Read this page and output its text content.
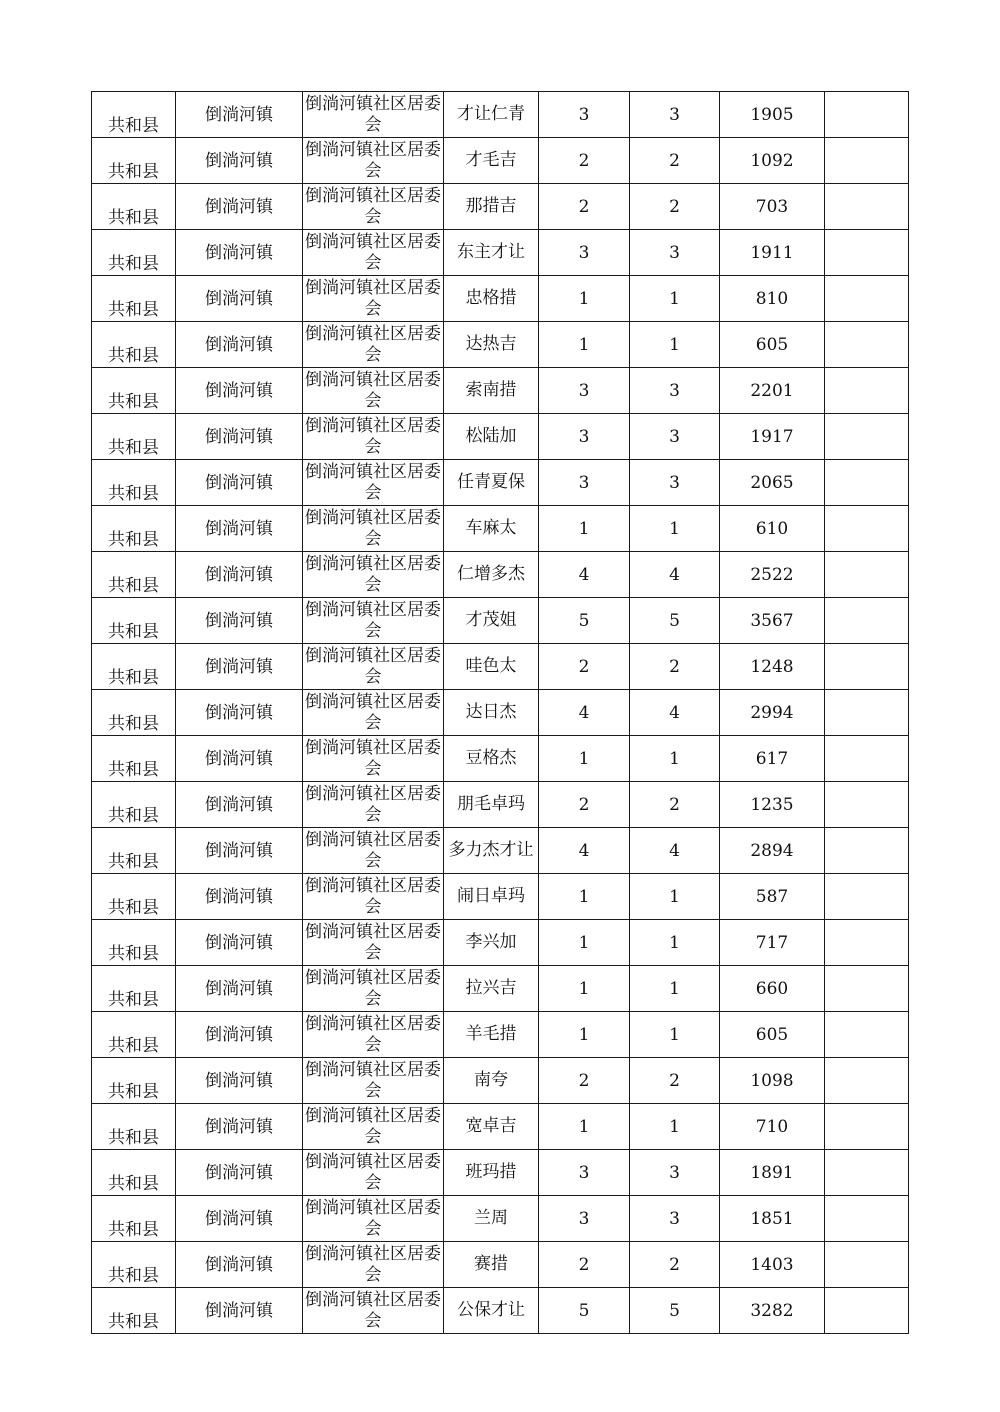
共和县	倒淌河镇	倒淌河镇社区居委会	才让仁青	3	3	1905	
共和县	倒淌河镇	倒淌河镇社区居委会	才毛吉	2	2	1092	
共和县	倒淌河镇	倒淌河镇社区居委会	那措吉	2	2	703	
共和县	倒淌河镇	倒淌河镇社区居委会	东主才让	3	3	1911	
共和县	倒淌河镇	倒淌河镇社区居委会	忠格措	1	1	810	
共和县	倒淌河镇	倒淌河镇社区居委会	达热吉	1	1	605	
共和县	倒淌河镇	倒淌河镇社区居委会	索南措	3	3	2201	
共和县	倒淌河镇	倒淌河镇社区居委会	松陆加	3	3	1917	
共和县	倒淌河镇	倒淌河镇社区居委会	任青夏保	3	3	2065	
共和县	倒淌河镇	倒淌河镇社区居委会	车麻太	1	1	610	
共和县	倒淌河镇	倒淌河镇社区居委会	仁增多杰	4	4	2522	
共和县	倒淌河镇	倒淌河镇社区居委会	才茂姐	5	5	3567	
共和县	倒淌河镇	倒淌河镇社区居委会	哇色太	2	2	1248	
共和县	倒淌河镇	倒淌河镇社区居委会	达日杰	4	4	2994	
共和县	倒淌河镇	倒淌河镇社区居委会	豆格杰	1	1	617	
共和县	倒淌河镇	倒淌河镇社区居委会	朋毛卓玛	2	2	1235	
共和县	倒淌河镇	倒淌河镇社区居委会	多力杰才让	4	4	2894	
共和县	倒淌河镇	倒淌河镇社区居委会	闹日卓玛	1	1	587	
共和县	倒淌河镇	倒淌河镇社区居委会	李兴加	1	1	717	
共和县	倒淌河镇	倒淌河镇社区居委会	拉兴吉	1	1	660	
共和县	倒淌河镇	倒淌河镇社区居委会	羊毛措	1	1	605	
共和县	倒淌河镇	倒淌河镇社区居委会	南夸	2	2	1098	
共和县	倒淌河镇	倒淌河镇社区居委会	宽卓吉	1	1	710	
共和县	倒淌河镇	倒淌河镇社区居委会	班玛措	3	3	1891	
共和县	倒淌河镇	倒淌河镇社区居委会	兰周	3	3	1851	
共和县	倒淌河镇	倒淌河镇社区居委会	赛措	2	2	1403	
共和县	倒淌河镇	倒淌河镇社区居委会	公保才让	5	5	3282	
